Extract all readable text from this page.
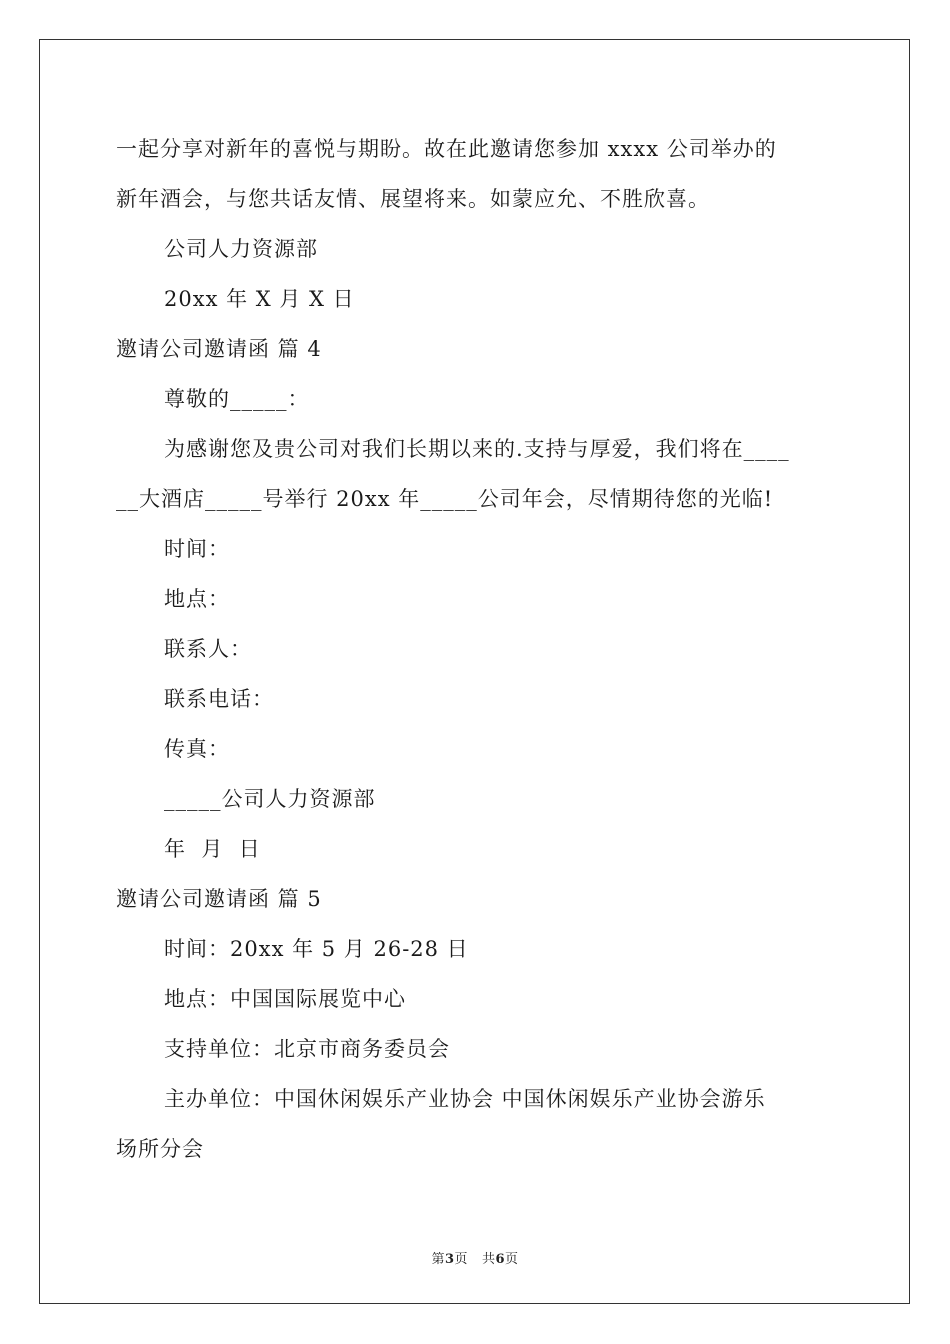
一起分享对新年的喜悦与期盼。故在此邀请您参加 xxxx 公司举办的
新年酒会，与您共话友情、展望将来。如蒙应允、不胜欣喜。
公司人力资源部
20xx 年 X 月 X 日
邀请公司邀请函 篇 4
尊敬的_____：
为感谢您及贵公司对我们长期以来的.支持与厚爱，我们将在____
__大酒店_____号举行 20xx 年_____公司年会，尽情期待您的光临!
时间：
地点：
联系人：
联系电话：
传真：
_____公司人力资源部
年  月  日
邀请公司邀请函 篇 5
时间：20xx 年 5 月 26-28 日
地点：中国国际展览中心
支持单位：北京市商务委员会
主办单位：中国休闲娱乐产业协会 中国休闲娱乐产业协会游乐
场所分会
第3页 共6页
